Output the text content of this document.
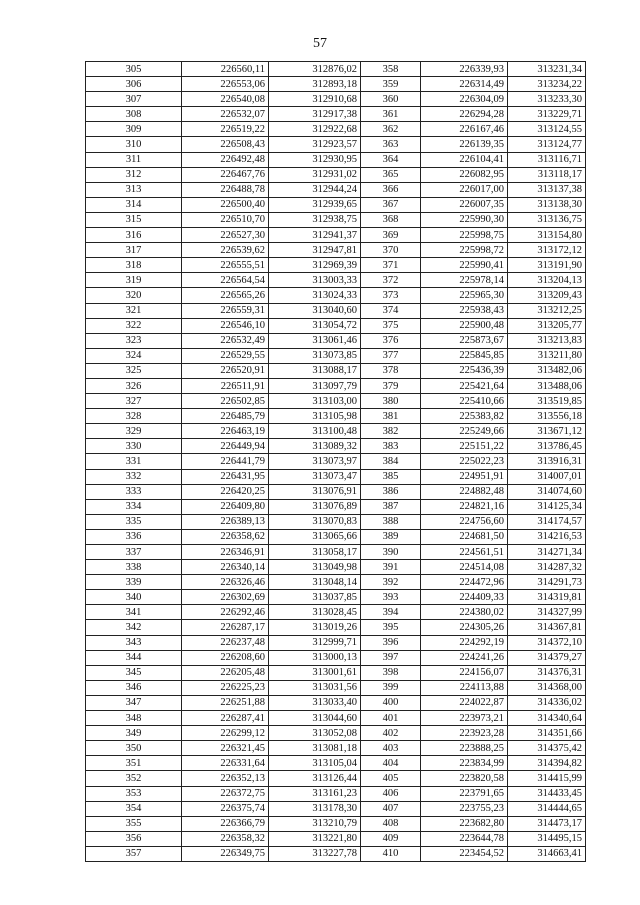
57
305	226560,11	312876,02	358	226339,93	313231,34
306	226553,06	312893,18	359	226314,49	313234,22
307	226540,08	312910,68	360	226304,09	313233,30
308	226532,07	312917,38	361	226294,28	313229,71
309	226519,22	312922,68	362	226167,46	313124,55
310	226508,43	312923,57	363	226139,35	313124,77
311	226492,48	312930,95	364	226104,41	313116,71
312	226467,76	312931,02	365	226082,95	313118,17
313	226488,78	312944,24	366	226017,00	313137,38
314	226500,40	312939,65	367	226007,35	313138,30
315	226510,70	312938,75	368	225990,30	313136,75
316	226527,30	312941,37	369	225998,75	313154,80
317	226539,62	312947,81	370	225998,72	313172,12
318	226555,51	312969,39	371	225990,41	313191,90
319	226564,54	313003,33	372	225978,14	313204,13
320	226565,26	313024,33	373	225965,30	313209,43
321	226559,31	313040,60	374	225938,43	313212,25
322	226546,10	313054,72	375	225900,48	313205,77
323	226532,49	313061,46	376	225873,67	313213,83
324	226529,55	313073,85	377	225845,85	313211,80
325	226520,91	313088,17	378	225436,39	313482,06
326	226511,91	313097,79	379	225421,64	313488,06
327	226502,85	313103,00	380	225410,66	313519,85
328	226485,79	313105,98	381	225383,82	313556,18
329	226463,19	313100,48	382	225249,66	313671,12
330	226449,94	313089,32	383	225151,22	313786,45
331	226441,79	313073,97	384	225022,23	313916,31
332	226431,95	313073,47	385	224951,91	314007,01
333	226420,25	313076,91	386	224882,48	314074,60
334	226409,80	313076,89	387	224821,16	314125,34
335	226389,13	313070,83	388	224756,60	314174,57
336	226358,62	313065,66	389	224681,50	314216,53
337	226346,91	313058,17	390	224561,51	314271,34
338	226340,14	313049,98	391	224514,08	314287,32
339	226326,46	313048,14	392	224472,96	314291,73
340	226302,69	313037,85	393	224409,33	314319,81
341	226292,46	313028,45	394	224380,02	314327,99
342	226287,17	313019,26	395	224305,26	314367,81
343	226237,48	312999,71	396	224292,19	314372,10
344	226208,60	313000,13	397	224241,26	314379,27
345	226205,48	313001,61	398	224156,07	314376,31
346	226225,23	313031,56	399	224113,88	314368,00
347	226251,88	313033,40	400	224022,87	314336,02
348	226287,41	313044,60	401	223973,21	314340,64
349	226299,12	313052,08	402	223923,28	314351,66
350	226321,45	313081,18	403	223888,25	314375,42
351	226331,64	313105,04	404	223834,99	314394,82
352	226352,13	313126,44	405	223820,58	314415,99
353	226372,75	313161,23	406	223791,65	314433,45
354	226375,74	313178,30	407	223755,23	314444,65
355	226366,79	313210,79	408	223682,80	314473,17
356	226358,32	313221,80	409	223644,78	314495,15
357	226349,75	313227,78	410	223454,52	314663,41
